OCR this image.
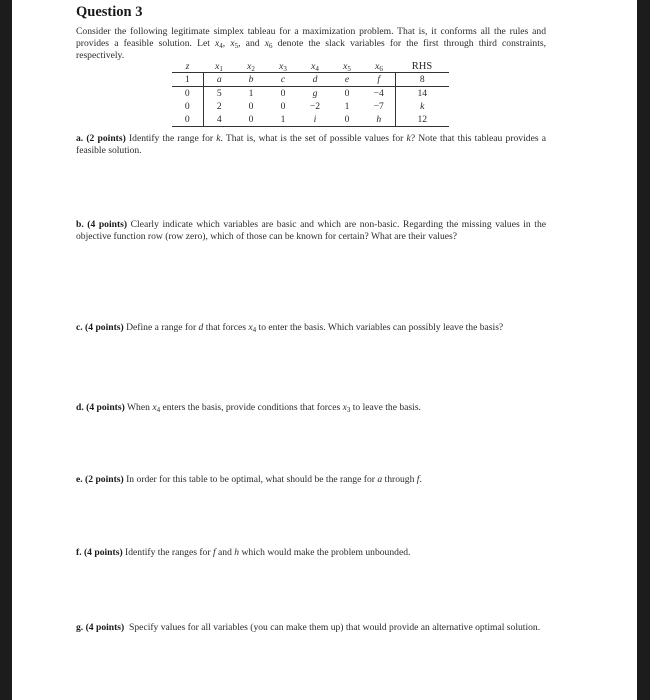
Question 3
Consider the following legitimate simplex tableau for a maximization problem. That is, it conforms all the rules and provides a feasible solution. Let $x_4$, $x_5$, and $x_6$ denote the slack variables for the first through third constraints, respectively.
z	$x_1$	$x_2$	$x_3$	$x_4$	$x_5$	$x_6$	RHS
1	a	b	c	d	e	f	8
0	5	1	0	g	0	−4	14
0	2	0	0	−2	1	−7	k
0	4	0	1	i	0	h	12
a. (2 points) Identify the range for k. That is, what is the set of possible values for k? Note that this tableau provides a feasible solution.
b. (4 points) Clearly indicate which variables are basic and which are non-basic. Regarding the missing values in the objective function row (row zero), which of those can be known for certain? What are their values?
c. (4 points) Define a range for d that forces $x_4$ to enter the basis. Which variables can possibly leave the basis?
d. (4 points) When $x_4$ enters the basis, provide conditions that forces $x_3$ to leave the basis.
e. (2 points) In order for this table to be optimal, what should be the range for a through f.
f. (4 points) Identify the ranges for f and h which would make the problem unbounded.
g. (4 points) Specify values for all variables (you can make them up) that would provide an alternative optimal solution.
